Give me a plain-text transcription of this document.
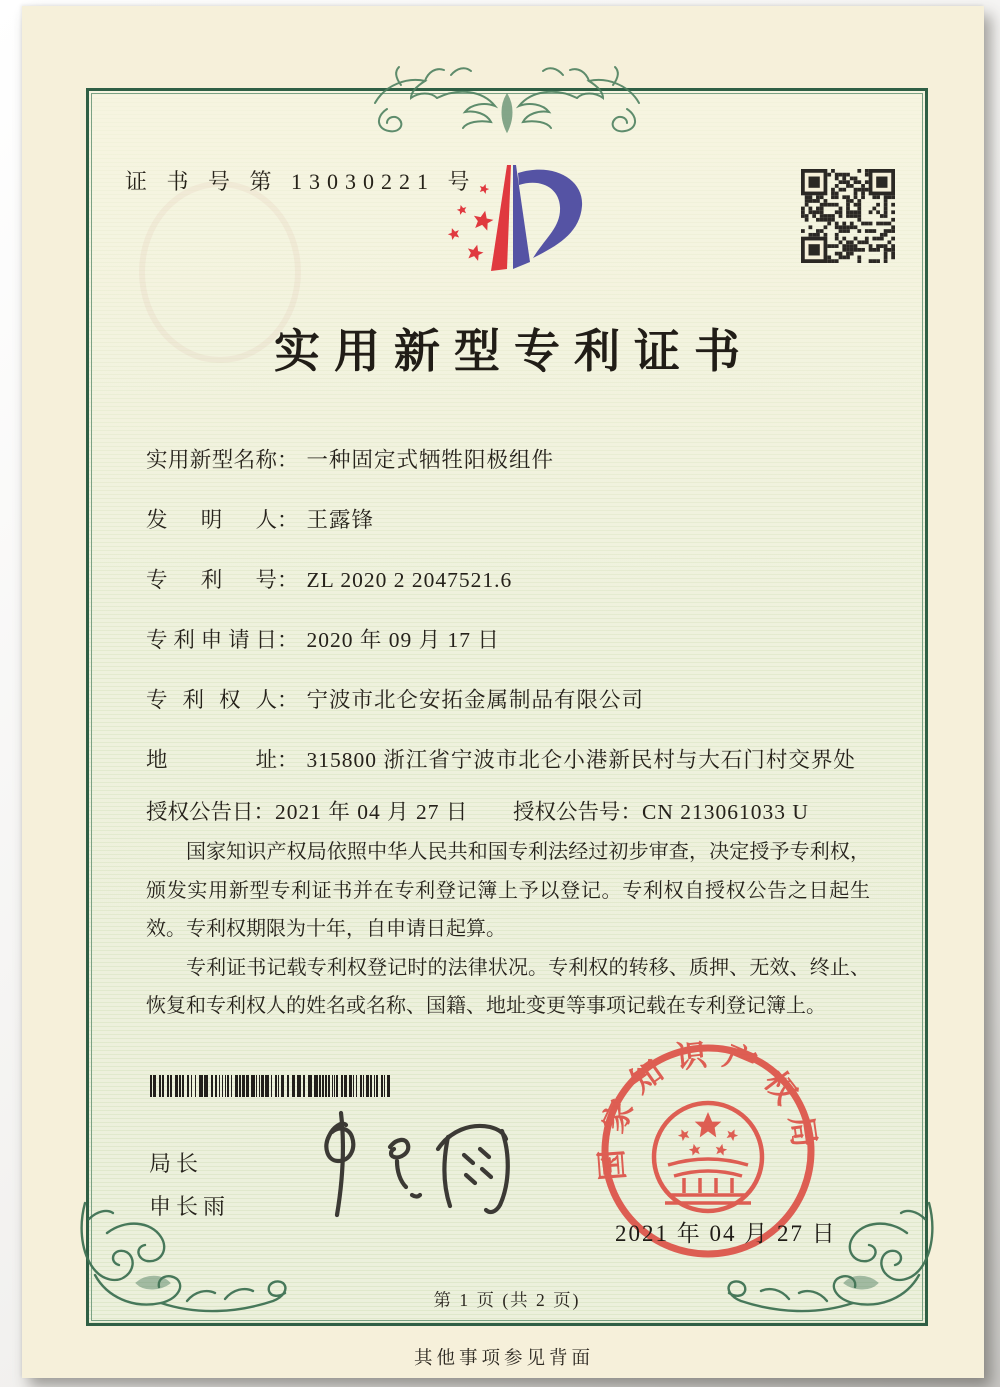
证 书 号 第 13030221 号
实用新型专利证书
实用新型名称： 一种固定式牺牲阳极组件
发明人： 王露锋
专利号： ZL 2020 2 2047521.6
专利申请日： 2020 年 09 月 17 日
专利权人： 宁波市北仑安拓金属制品有限公司
地址： 315800 浙江省宁波市北仑小港新民村与大石门村交界处
授权公告日：2021 年 04 月 27 日 授权公告号：CN 213061033 U

国家知识产权局依照中华人民共和国专利法经过初步审查，决定授予专利权，颁发实用新型专利证书并在专利登记簿上予以登记。专利权自授权公告之日起生效。专利权期限为十年，自申请日起算。

专利证书记载专利权登记时的法律状况。专利权的转移、质押、无效、终止、恢复和专利权人的姓名或名称、国籍、地址变更等事项记载在专利登记簿上。

国家知识产权局
2021 年 04 月 27 日
局长
申长雨
第 1 页 (共 2 页)
其他事项参见背面
